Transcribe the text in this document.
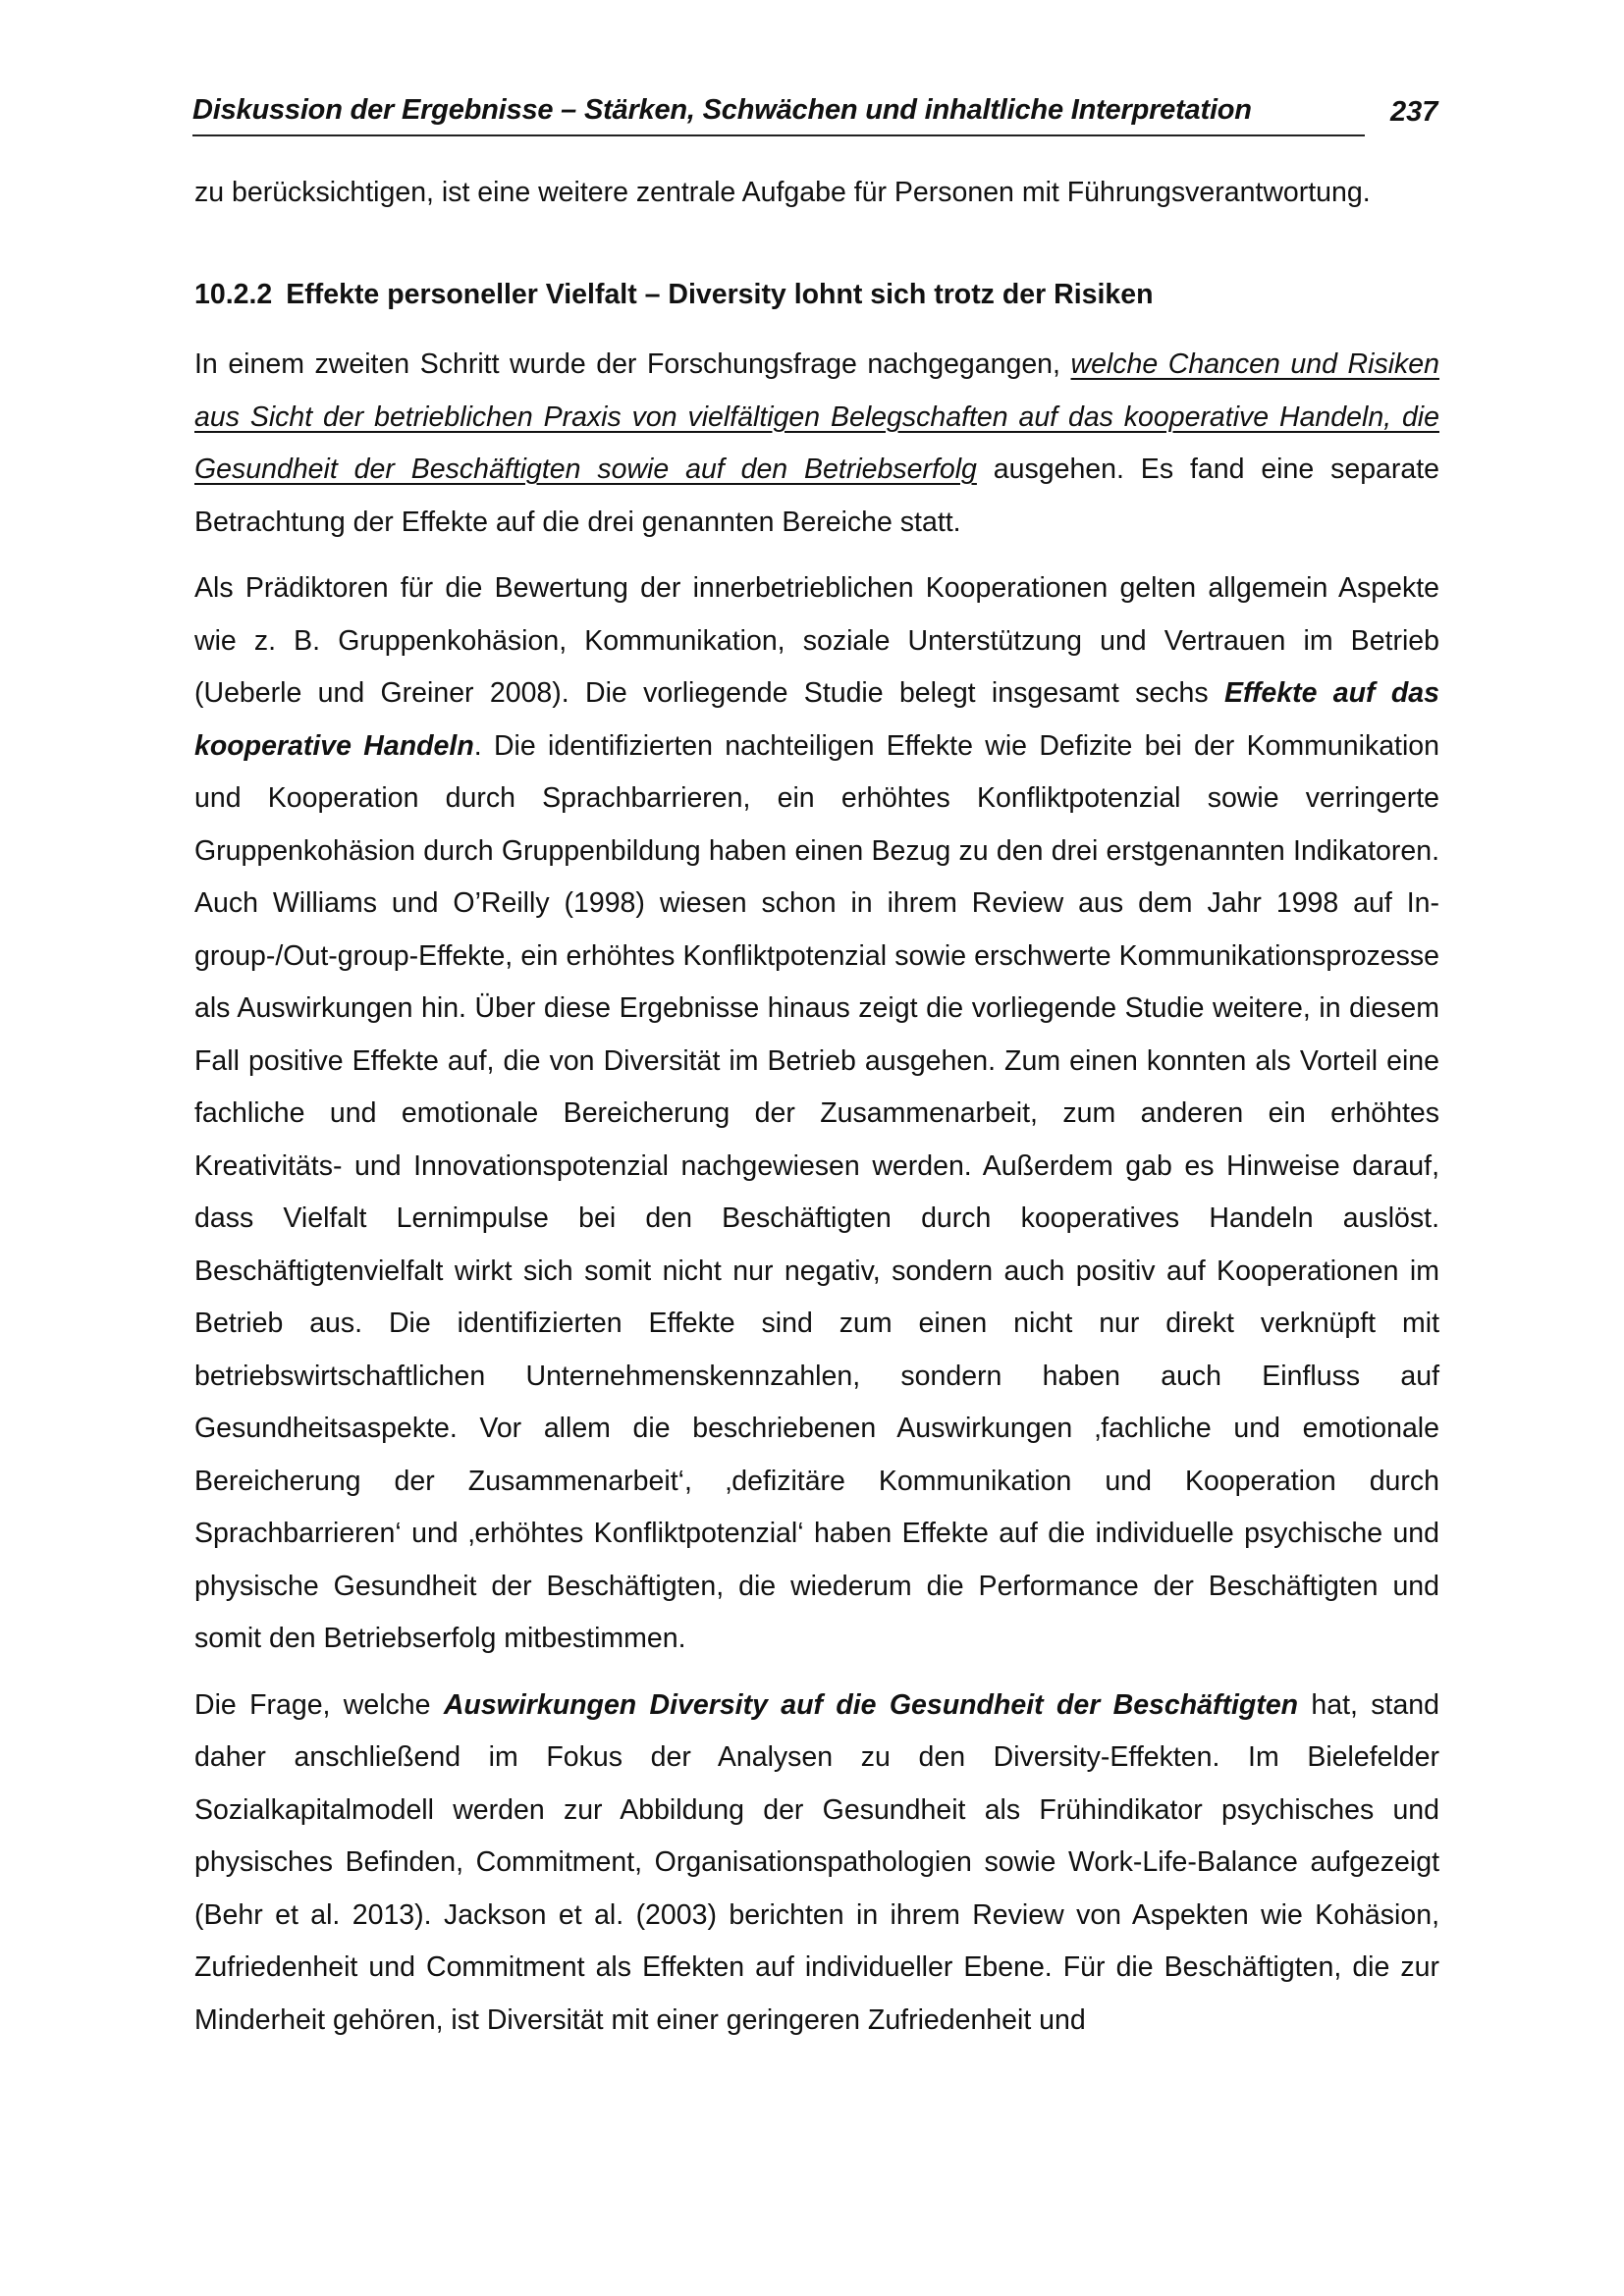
Diskussion der Ergebnisse – Stärken, Schwächen und inhaltliche Interpretation	237

zu berücksichtigen, ist eine weitere zentrale Aufgabe für Personen mit Führungsverantwortung.

10.2.2 Effekte personeller Vielfalt – Diversity lohnt sich trotz der Risiken

In einem zweiten Schritt wurde der Forschungsfrage nachgegangen, welche Chancen und Risiken aus Sicht der betrieblichen Praxis von vielfältigen Belegschaften auf das kooperative Handeln, die Gesundheit der Beschäftigten sowie auf den Betriebserfolg ausgehen. Es fand eine separate Betrachtung der Effekte auf die drei genannten Bereiche statt.

Als Prädiktoren für die Bewertung der innerbetrieblichen Kooperationen gelten allgemein Aspekte wie z. B. Gruppenkohäsion, Kommunikation, soziale Unterstützung und Vertrauen im Betrieb (Ueberle und Greiner 2008). Die vorliegende Studie belegt insgesamt sechs Effekte auf das kooperative Handeln. Die identifizierten nachteiligen Effekte wie Defizite bei der Kommunikation und Kooperation durch Sprachbarrieren, ein erhöhtes Konfliktpotenzial sowie verringerte Gruppenkohäsion durch Gruppenbildung haben einen Bezug zu den drei erstgenannten Indikatoren. Auch Williams und O’Reilly (1998) wiesen schon in ihrem Review aus dem Jahr 1998 auf In-group-/Out-group-Effekte, ein erhöhtes Konfliktpotenzial sowie erschwerte Kommunikationsprozesse als Auswirkungen hin. Über diese Ergebnisse hinaus zeigt die vorliegende Studie weitere, in diesem Fall positive Effekte auf, die von Diversität im Betrieb ausgehen. Zum einen konnten als Vorteil eine fachliche und emotionale Bereicherung der Zusammenarbeit, zum anderen ein erhöhtes Kreativitäts- und Innovationspotenzial nachgewiesen werden. Außerdem gab es Hinweise darauf, dass Vielfalt Lernimpulse bei den Beschäftigten durch kooperatives Handeln auslöst. Beschäftigtenvielfalt wirkt sich somit nicht nur negativ, sondern auch positiv auf Kooperationen im Betrieb aus. Die identifizierten Effekte sind zum einen nicht nur direkt verknüpft mit betriebswirtschaftlichen Unternehmenskennzahlen, sondern haben auch Einfluss auf Gesundheitsaspekte. Vor allem die beschriebenen Auswirkungen ‚fachliche und emotionale Bereicherung der Zusammenarbeit‘, ‚defizitäre Kommunikation und Kooperation durch Sprachbarrieren‘ und ‚erhöhtes Konfliktpotenzial‘ haben Effekte auf die individuelle psychische und physische Gesundheit der Beschäftigten, die wiederum die Performance der Beschäftigten und somit den Betriebserfolg mitbestimmen.

Die Frage, welche Auswirkungen Diversity auf die Gesundheit der Beschäftigten hat, stand daher anschließend im Fokus der Analysen zu den Diversity-Effekten. Im Bielefelder Sozialkapitalmodell werden zur Abbildung der Gesundheit als Frühindikator psychisches und physisches Befinden, Commitment, Organisationspathologien sowie Work-Life-Balance aufgezeigt (Behr et al. 2013). Jackson et al. (2003) berichten in ihrem Review von Aspekten wie Kohäsion, Zufriedenheit und Commitment als Effekten auf individueller Ebene. Für die Beschäftigten, die zur Minderheit gehören, ist Diversität mit einer geringeren Zufriedenheit und
